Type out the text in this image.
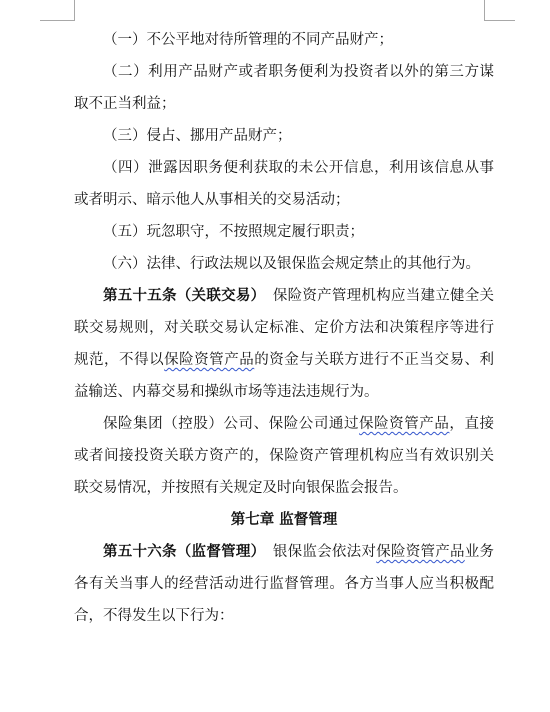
（一）不公平地对待所管理的不同产品财产；

（二）利用产品财产或者职务便利为投资者以外的第三方谋取不正当利益；

（三）侵占、挪用产品财产；

（四）泄露因职务便利获取的未公开信息，利用该信息从事或者明示、暗示他人从事相关的交易活动；

（五）玩忽职守，不按照规定履行职责；

（六）法律、行政法规以及银保监会规定禁止的其他行为。

第五十五条（关联交易）　 保险资产管理机构应当建立健全关联交易规则，对关联交易认定标准、定价方法和决策程序等进行规范，不得以保险资管产品的资金与关联方进行不正当交易、利益输送、内幕交易和操纵市场等违法违规行为。

保险集团（控股）公司、保险公司通过保险资管产品，直接或者间接投资关联方资产的，保险资产管理机构应当有效识别关联交易情况，并按照有关规定及时向银保监会报告。

第七章 监督管理

第五十六条（监督管理）　 银保监会依法对保险资管产品业务各有关当事人的经营活动进行监督管理。各方当事人应当积极配合，不得发生以下行为：
